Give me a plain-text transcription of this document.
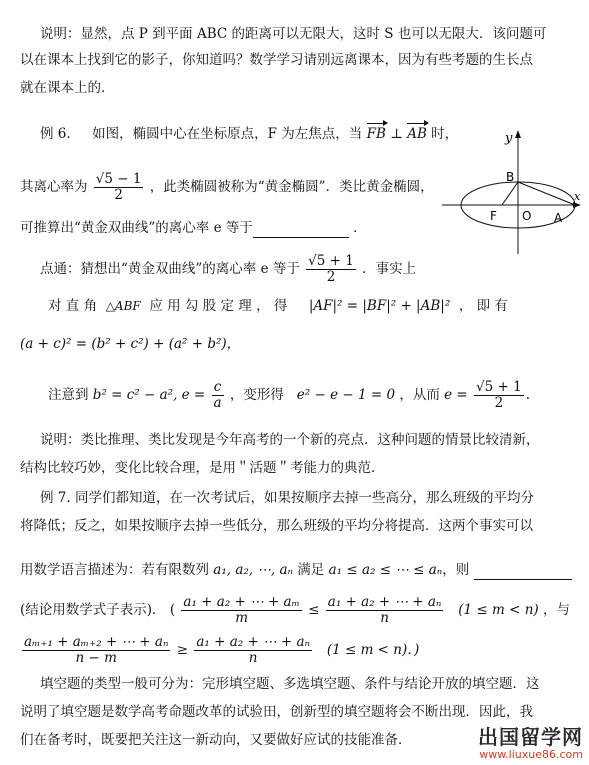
说明：显然，点 P 到平面 ABC 的距离可以无限大，这时 S 也可以无限大．该问题可
以在课本上找到它的影子，你知道吗？数学学习请别远离课本，因为有些考题的生长点
就在课本上的．
例 6. 如图，椭圆中心在坐标原点，F 为左焦点，当 FB ⊥ AB 时，
其离心率为 $\frac{√5 - 1}{2}$ ，此类椭圆被称为“黄金椭圆”．类比黄金椭圆，
可推算出“黄金双曲线”的离心率 e 等于	．
y
x
B
F O A
点通：猜想出“黄金双曲线”的离心率 e 等于 $\frac{√5 + 1}{2}$ ．事实上
对 直 角 △ABF 应 用 勾 股 定 理 ， 得 |AF|² = |BF|² + |AB|² ， 即 有
(a + c)² = (b² + c²) + (a² + b²)，
注意到 b² = c² − a², $e = \frac{c}{a}$ ，变形得 e² − e − 1 = 0 ，从而 $e = \frac{√5 + 1}{2}$ .
说明：类比推理、类比发现是今年高考的一个新的亮点．这种问题的情景比较清新，
结构比较巧妙，变化比较合理，是用＂活题＂考能力的典范．
例 7. 同学们都知道，在一次考试后，如果按顺序去掉一些高分，那么班级的平均分
将降低；反之，如果按顺序去掉一些低分，那么班级的平均分将提高．这两个事实可以
用数学语言描述为：若有限数列 a₁, a₂, ⋯, aₙ 满足 a₁ ≤ a₂ ≤ ⋯ ≤ aₙ，则
(结论用数学式子表示)． ( $\frac{\text{a₁ + a₂ + ⋯ + aₘ}}{m} \le \frac{\text{a₁ + a₂ + ⋯ + aₙ}}{n} (1 \le m < n)$ ，与
$\frac{\text{aₘ₊₁ + aₘ₊₂ + ⋯ + aₙ}}{n - m} \ge \frac{\text{a₁ + a₂ + ⋯ + aₙ}}{n} (1 \le m < n)$．)
填空题的类型一般可分为：完形填空题、多选填空题、条件与结论开放的填空题．这
说明了填空题是数学高考命题改革的试验田，创新型的填空题将会不断出现．因此，我
们在备考时，既要把关注这一新动向，又要做好应试的技能准备．	出国留学网
www.liuxue86.com
